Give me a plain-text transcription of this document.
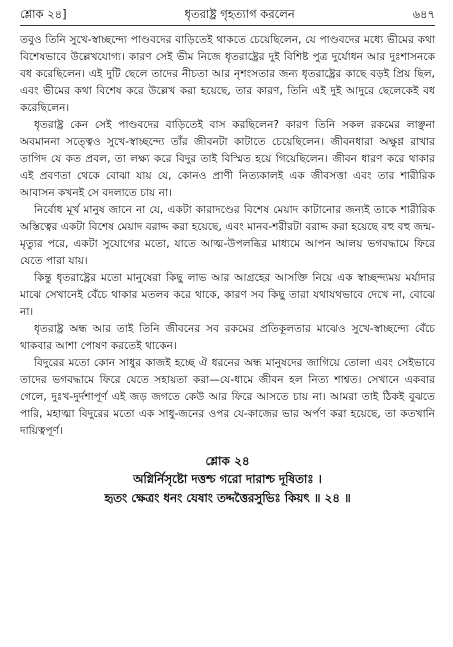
শ্লোক ২৪]	ধৃতরাষ্ট্র গৃহত্যাগ করলেন	৬৪৭

তবুও তিনি সুখে-স্বাচ্ছন্দ্যে পাণ্ডবদের বাড়িতেই থাকতে চেয়েছিলেন, যে পাণ্ডবদের মধ্যে ভীমের কথা বিশেষভাবে উল্লেখযোগ্য। কারণ সেই ভীম নিজে ধৃতরাষ্ট্রের দুই বিশিষ্ট পুত্র দুর্যোধন আর দুঃশাসনকে বধ করেছিলেন। এই দুটি ছেলে তাদের নীচতা আর নৃশংসতার জন্য ধৃতরাষ্ট্রের কাছে বড়ই প্রিয় ছিল, এবং ভীমের কথা বিশেষ করে উল্লেখ করা হয়েছে, তার কারণ, তিনি এই দুই আদুরে ছেলেকেই বধ করেছিলেন।

ধৃতরাষ্ট্র কেন সেই পাণ্ডবদের বাড়িতেই বাস করছিলেন? কারণ তিনি সকল রকমের লাঞ্ছনা অবমাননা সত্ত্বেও সুখে-স্বাচ্ছন্দ্যে তাঁর জীবনটা কাটাতে চেয়েছিলেন। জীবনধারা অক্ষুণ্ণ রাখার তাগিদ যে কত প্রবল, তা লক্ষ্য করে বিদুর তাই বিস্মিত হয়ে গিয়েছিলেন। জীবন ধারণ করে থাকার এই প্রবণতা থেকে বোঝা যায় যে, কোনও প্রাণী নিত্যকালই এক জীবসত্তা এবং তার শারীরিক আবাসন কখনই সে বদলাতে চায় না।

নির্বোধ মূর্খ মানুষ জানে না যে, একটা কারাদণ্ডের বিশেষ মেয়াদ কাটানোর জন্যই তাকে শারীরিক অস্তিত্বের একটা বিশেষ মেয়াদ বরাদ্দ করা হয়েছে, এবং মানব-শরীরটা বরাদ্দ করা হয়েছে বহু বহু জন্ম-মৃত্যুর পরে, একটা সুযোগের মতো, যাতে আত্ম-উপলব্ধির মাধ্যমে আপন আলয় ভগবদ্ধামে ফিরে যেতে পারা যায়।

কিন্তু ধৃতরাষ্ট্রের মতো মানুষেরা কিছু লাভ আর আগ্রহের আসক্তি নিয়ে এক স্বাচ্ছন্দ্যময় মর্যাদার মাঝে সেখানেই বেঁচে থাকার মতলব করে থাকে, কারণ সব কিছু তারা যথাযথভাবে দেখে না, বোঝে না।

ধৃতরাষ্ট্র অন্ধ আর তাই তিনি জীবনের সব রকমের প্রতিকূলতার মাঝেও সুখে-স্বাচ্ছন্দ্যে বেঁচে থাকবার আশা পোষণ করতেই থাকেন।

বিদুরের মতো কোন সাধুর কাজই হচ্ছে ঐ ধরনের অন্ধ মানুষদের জাগিয়ে তোলা এবং সেইভাবে তাদের ভগবদ্ধামে ফিরে যেতে সহায়তা করা—যে-ধামে জীবন হল নিত্য শাশ্বত। সেখানে একবার গেলে, দুঃখ-দুর্দশাপূর্ণ এই জড় জগতে কেউ আর ফিরে আসতে চায় না। আমরা তাই ঠিকই বুঝতে পারি, মহাত্মা বিদুরের মতো এক সাধু-জনের ওপর যে-কাজের ভার অর্পণ করা হয়েছে, তা কতখানি দায়িত্বপূর্ণ।

শ্লোক ২৪
অগ্নির্নিসৃষ্টো দত্তশ্চ গরো দারাশ্চ দূষিতাঃ ।
হৃতং ক্ষেত্রং ধনং যেষাং তদ্দত্তৈরসুভিঃ কিয়ৎ ॥ ২৪ ॥
